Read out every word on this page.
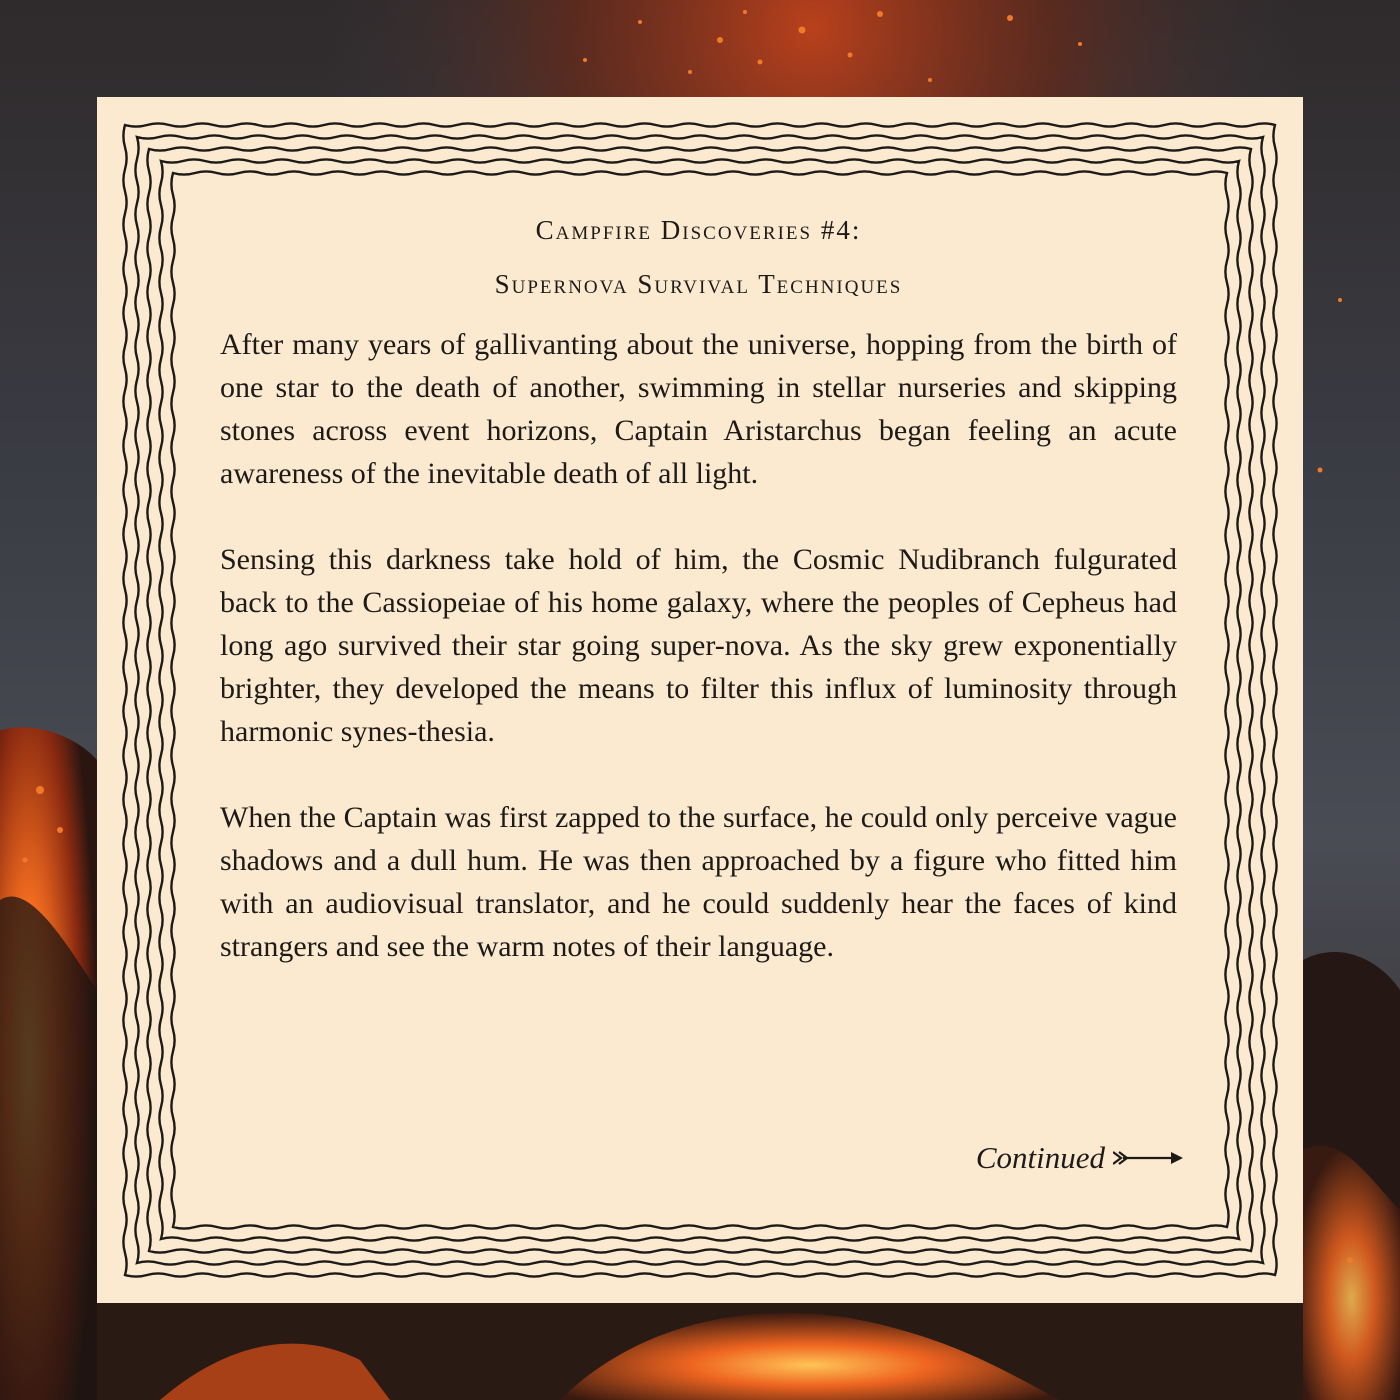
Campfire Discoveries #4:
Supernova Survival Techniques

After many years of gallivanting about the universe, hopping from the birth of one star to the death of another, swimming in stellar nurseries and skipping stones across event horizons, Captain Aristarchus began feeling an acute awareness of the inevitable death of all light.

Sensing this darkness take hold of him, the Cosmic Nudibranch fulgurated back to the Cassiopeiae of his home galaxy, where the peoples of Cepheus had long ago survived their star going super-nova. As the sky grew exponentially brighter, they developed the means to filter this influx of luminosity through harmonic synes-thesia.

When the Captain was first zapped to the surface, he could only perceive vague shadows and a dull hum. He was then approached by a figure who fitted him with an audiovisual translator, and he could suddenly hear the faces of kind strangers and see the warm notes of their language.

Continued
